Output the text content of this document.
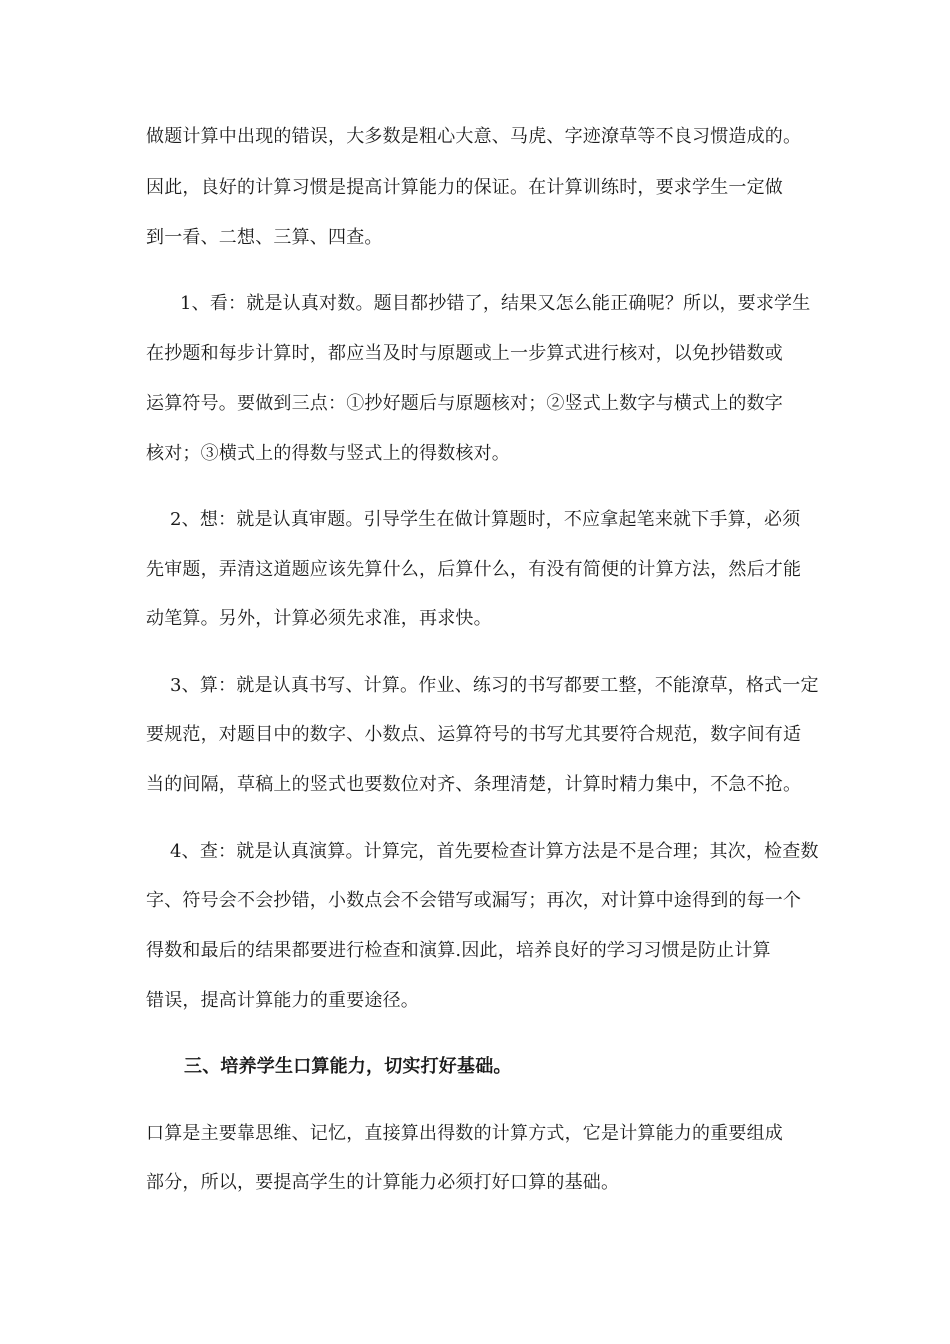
做题计算中出现的错误，大多数是粗心大意、马虎、字迹潦草等不良习惯造成的。
因此，良好的计算习惯是提高计算能力的保证。在计算训练时，要求学生一定做
到一看、二想、三算、四查。
1、看：就是认真对数。题目都抄错了，结果又怎么能正确呢？所以，要求学生
在抄题和每步计算时，都应当及时与原题或上一步算式进行核对，以免抄错数或
运算符号。要做到三点：①抄好题后与原题核对；②竖式上数字与横式上的数字
核对；③横式上的得数与竖式上的得数核对。
2、想：就是认真审题。引导学生在做计算题时，不应拿起笔来就下手算，必须
先审题，弄清这道题应该先算什么，后算什么，有没有简便的计算方法，然后才能
动笔算。另外，计算必须先求准，再求快。
3、算：就是认真书写、计算。作业、练习的书写都要工整，不能潦草，格式一定
要规范，对题目中的数字、小数点、运算符号的书写尤其要符合规范，数字间有适
当的间隔，草稿上的竖式也要数位对齐、条理清楚，计算时精力集中，不急不抢。
4、查：就是认真演算。计算完，首先要检查计算方法是不是合理；其次，检查数
字、符号会不会抄错，小数点会不会错写或漏写；再次，对计算中途得到的每一个
得数和最后的结果都要进行检查和演算.因此，培养良好的学习习惯是防止计算
错误，提高计算能力的重要途径。
三、培养学生口算能力，切实打好基础。
口算是主要靠思维、记忆，直接算出得数的计算方式，它是计算能力的重要组成
部分，所以，要提高学生的计算能力必须打好口算的基础。
